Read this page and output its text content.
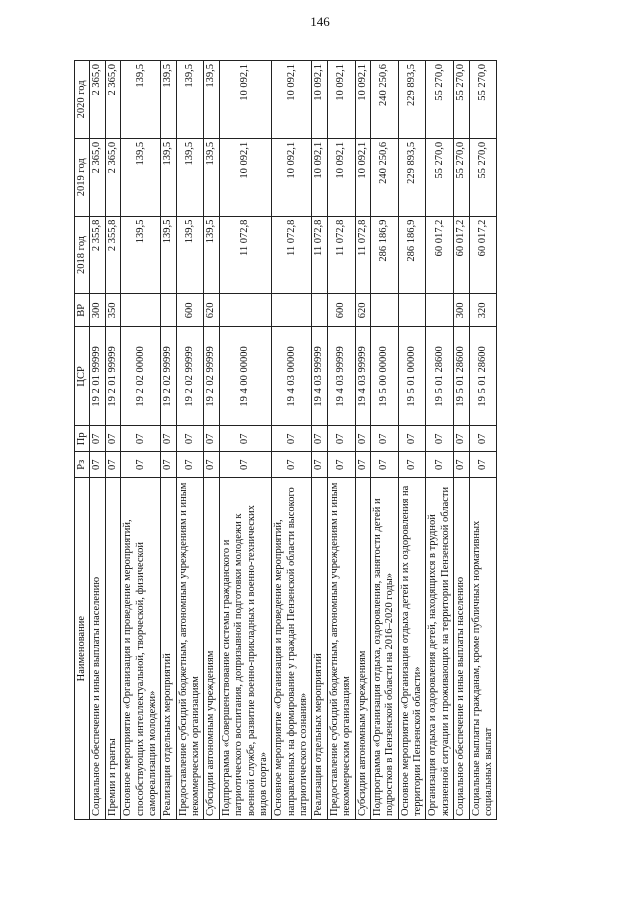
146
Наименование	Рз	Пр	ЦСР	ВР	2018 год	2019 год	2020 год
Социальное обеспечение и иные выплаты населению	07	07	19 2 01 99999	300	2 355,8	2 365,0	2 365,0
Премии и гранты	07	07	19 2 01 99999	350	2 355,8	2 365,0	2 365,0
Основное мероприятие «Организация и проведение мероприятий, способствующих интеллектуальной, творческой, физической самореализации молодежи»	07	07	19 2 02 00000		139,5	139,5	139,5
Реализация отдельных мероприятий	07	07	19 2 02 99999		139,5	139,5	139,5
Предоставление субсидий бюджетным, автономным учреждениям и иным некоммерческим организациям	07	07	19 2 02 99999	600	139,5	139,5	139,5
Субсидии автономным учреждениям	07	07	19 2 02 99999	620	139,5	139,5	139,5
Подпрограмма «Совершенствование системы гражданского и патриотического воспитания, допризывной подготовки молодежи к военной службе, развитие военно-прикладных и военно-технических видов спорта»	07	07	19 4 00 00000		11 072,8	10 092,1	10 092,1
Основное мероприятие «Организация и проведение мероприятий, направленных на формирование у граждан Пензенской области высокого патриотического сознания»	07	07	19 4 03 00000		11 072,8	10 092,1	10 092,1
Реализация отдельных мероприятий	07	07	19 4 03 99999		11 072,8	10 092,1	10 092,1
Предоставление субсидий бюджетным, автономным учреждениям и иным некоммерческим организациям	07	07	19 4 03 99999	600	11 072,8	10 092,1	10 092,1
Субсидии автономным учреждениям	07	07	19 4 03 99999	620	11 072,8	10 092,1	10 092,1
Подпрограмма «Организация отдыха, оздоровления, занятости детей и подростков в Пензенской области на 2016–2020 годы»	07	07	19 5 00 00000		286 186,9	240 250,6	240 250,6
Основное мероприятие «Организация отдыха детей и их оздоровления на территории Пензенской области»	07	07	19 5 01 00000		286 186,9	229 893,5	229 893,5
Организация отдыха и оздоровления детей, находящихся в трудной жизненной ситуации и проживающих на территории Пензенской области	07	07	19 5 01 28600		60 017,2	55 270,0	55 270,0
Социальное обеспечение и иные выплаты населению	07	07	19 5 01 28600	300	60 017,2	55 270,0	55 270,0
Социальные выплаты гражданам, кроме публичных нормативных социальных выплат	07	07	19 5 01 28600	320	60 017,2	55 270,0	55 270,0
